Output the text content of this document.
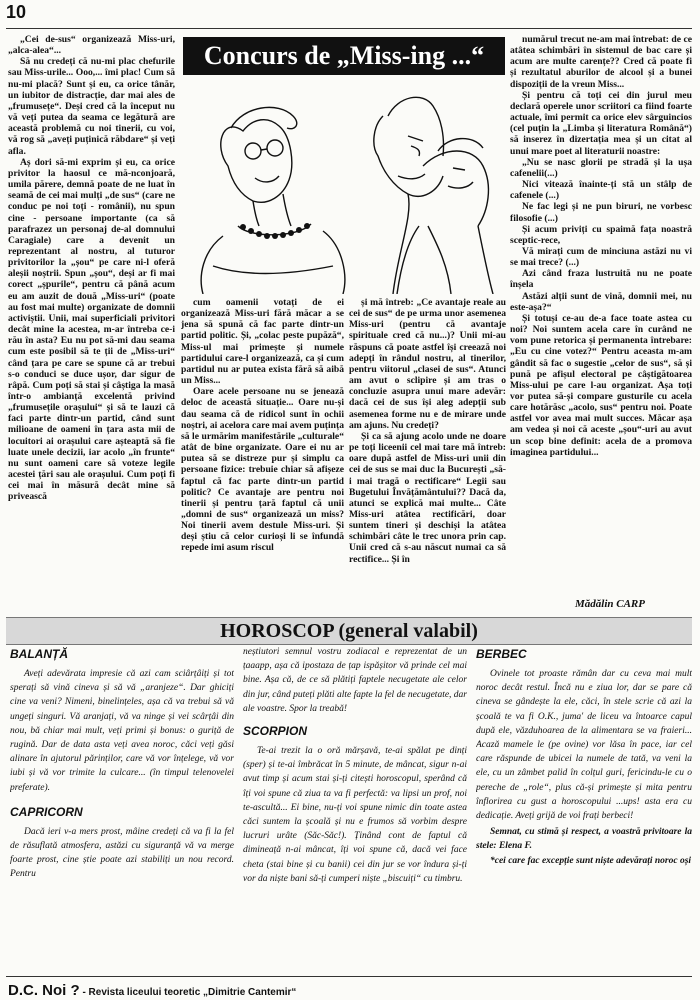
10

„Cei de-sus“ organizează Miss-uri, „alca-alea“...

Să nu credeți că nu-mi plac chefurile sau Miss-urile... Ooo,... îmi plac! Cum să nu-mi placă? Sunt și eu, ca orice tânăr, un iubitor de distracție, dar mai ales de „frumusețe“. Deși cred că la început nu vă veți putea da seama ce legătură are această problemă cu noi tinerii, cu voi, vă rog să „aveți puținică răbdare“ și veți afla.

Aș dori să-mi exprim și eu, ca orice privitor la haosul ce mă-nconjoară, umila părere, demnă poate de ne luat în seamă de cei mai mulți „de sus“ (care ne conduc pe noi toți - românii), nu spun cine - persoane importante (ca să parafrazez un personaj de-al domnului Caragiale) care a devenit un reprezentant al nostru, al tuturor privitorilor la „șou“ pe care ni-l oferă aleșii noștrii. Spun „șou“, deși ar fi mai corect „șpurile“, pentru că până acum eu am auzit de două „Miss-uri“ (poate au fost mai multe) organizate de domnii activiștii. Unii, mai superficiali privitori decât mine la acestea, m-ar întreba ce-i rău în asta? Eu nu pot să-mi dau seama cum este posibil să te ții de „Miss-uri“ când țara pe care se spune că ar trebui s-o conduci se duce ușor, dar sigur de râpă. Cum poți să stai și câștiga la masă într-o ambianță excelentă privind „frumusețile orașului“ și să te lauzi că faci parte dintr-un partid, când sunt milioane de oameni în țara asta mii de locuitori ai orașului care așteaptă să fie luate unele decizii, iar acolo „în frunte“ nu sunt oameni care să voteze legile acestei țări sau ale orașului. Cum poți fi cei mai în măsură decât mine să privească

Concurs de „Miss-ing ...“

cum oamenii votați de ei organizează Miss-uri fără măcar a se jena să spună că fac parte dintr-un partid politic. Și, „colac peste pupăză“, Miss-ul mai primește și numele partidului care-l organizează, ca și cum partidul nu ar putea exista fără să aibă un Miss...

Oare acele persoane nu se jenează deloc de această situație... Oare nu-și dau seama că de ridicol sunt în ochii noștri, ai acelora care mai avem puțința să le urmărim manifestările „culturale“ atât de bine organizate. Oare ei nu ar putea să se distreze pur și simplu ca persoane fizice: trebuie chiar să afișeze faptul că fac parte dintr-un partid politic? Ce avantaje are pentru noi tinerii și pentru țară faptul că unii „domni de sus“ organizează un miss? Noi tinerii avem destule Miss-uri. Și deși știu că celor curioși li se înfundă repede imi asum riscul

și mă întreb: „Ce avantaje reale au cei de sus“ de pe urma unor asemenea Miss-uri (pentru că avantaje spirituale cred că nu...)? Unii mi-au răspuns că poate astfel își creează noi adepți în rândul nostru, al tinerilor, pentru viitorul „clasei de sus“. Atunci am avut o sclipire și am tras o concluzie asupra unui mare adevăr: dacă cei de sus își aleg adepții sub asemenea forme nu e de mirare unde am ajuns. Nu credeți?

Și ca să ajung acolo unde ne doare pe toți liceenii cel mai tare mă întreb: oare după astfel de Miss-uri unii din cei de sus se mai duc la București „să-i mai tragă o rectificare“ Legii sau Bugetului Învățământului?? Dacă da, atunci se explică mai multe... Câte Miss-uri atâtea rectificări, doar suntem tineri și deschiși la atâtea schimbări câte le trec unora prin cap. Unii cred că s-au născut numai ca să rectifice... Și în

numărul trecut ne-am mai întrebat: de ce atâtea schimbări în sistemul de bac care și acum are multe carențe?? Cred că poate fi și rezultatul aburilor de alcool și a bunei dispoziții de la vreun Miss...

Și pentru că toți cei din jurul meu declară operele unor scriitori ca fiind foarte actuale, îmi permit ca orice elev sârguincios (cel puțin la „Limba și literatura Română“) să inserez în dizertația mea și un citat al unui mare poet al literaturii noastre:

„Nu se nasc glorii pe stradă și la ușa cafenelii(...)

Nici vitează înainte-ți stă un stâlp de cafenele (...)

Ne fac legi și ne pun biruri, ne vorbesc filosofie (...)

Și acum priviți cu spaimă fața noastră sceptic-rece,

Vă mirați cum de minciuna astăzi nu vi se mai trece? (...)

Azi când fraza lustruită nu ne poate înșela

Astăzi alții sunt de vină, domnii mei, nu este-așa?“

Și totuși ce-au de-a face toate astea cu noi? Noi suntem acela care în curând ne vom pune retorica și permanenta întrebare: „Eu cu cine votez?“ Pentru aceasta m-am gândit să fac o sugestie „celor de sus“, să și pună pe afișul electoral pe câștigătoarea Miss-ului pe care l-au organizat. Așa toți vor putea să-și compare gusturile cu acela care hotărăsc „acolo, sus“ pentru noi. Poate astfel vor avea mai mult succes. Măcar așa am vedea și noi că aceste „șou“-uri au avut un scop bine definit: acela de a promova imaginea partidului...

Mădălin CARP
HOROSCOP (general valabil)
BALANȚĂ

Aveți adevărata impresie că azi cam sciârțâiți și tot sperați să vină cineva și să vă „aranjeze“. Dar ghiciți cine va veni? Nimeni, binelințeles, așa că va trebui să vă ungeți singuri. Vă aranjați, vă va ninge și vei scârțâi din nou, bă chiar mai mult, veți primi și bonus: o guriță de rugină. Dar de data asta veți avea noroc, căci veți găsi alinare în ajutorul părinților, care vă vor înțelege, vă vor iubi și vă vor trimite la culcare... (în timpul telenovelei preferate).

CAPRICORN

Dacă ieri v-a mers prost, mâine credeți că va fi la fel de răsuflată atmosfera, astăzi cu siguranță vă va merge foarte prost, cine știe poate azi stabiliți un nou record. Pentru

neștiutori semnul vostru zodiacal e reprezentat de un țaaapp, așa că ipostaza de țap ispășitor vă prinde cel mai bine. Așa că, de ce să plătiți faptele necugetate ale celor din jur, când puteți plăti alte fapte la fel de necugetate, dar ale voastre. Spor la treabă!

SCORPION

Te-ai trezit la o oră mărșavă, te-ai spălat pe dinți (sper) și te-ai îmbrăcat în 5 minute, de mâncat, sigur n-ai avut timp și acum stai și-ți citești horoscopul, sperând că îți voi spune că ziua ta va fi perfectă: va lipsi un prof, noi te-ascultă... Ei bine, nu-ți voi spune nimic din toate astea căci suntem la școală și nu e frumos să vorbim despre lucruri urâte (Săc-Săc!). Ținând cont de faptul că dimineață n-ai mâncat, îți voi spune că, dacă vei face cheta (stai bine și cu banii) cei din jur se vor îndura și-ți vor da niște bani să-ți cumperi niște „biscuiți“ cu timbru.

BERBEC

Ovinele tot proaste rămân dar cu ceva mai mult noroc decât restul. Încă nu e ziua lor, dar se pare că cineva se gândește la ele, căci, în stele scrie că azi la școală te va fi O.K., juma' de liceu va întoarce capul după ele, văzduhoarea de la alimentara se va fraieri... Acază mamele le (pe ovine) vor lăsa în pace, iar cel care răspunde de ubicei la numele de tată, va veni la ele, cu un zâmbet palid în colțul guri, fericindu-le cu o pereche de „role“, plus că-și primește și mita pentru înflorirea cu gust a horoscopului ...ups! asta era cu dedicație. Aveți grijă de voi frați berbeci!

Semnat, cu stimă și respect, a voastră privitoare la stele: Elena F.
*cei care fac excepție sunt niște adevărați noroc oși
D.C. Noi ? - Revista liceului teoretic „Dimitrie Cantemir“
